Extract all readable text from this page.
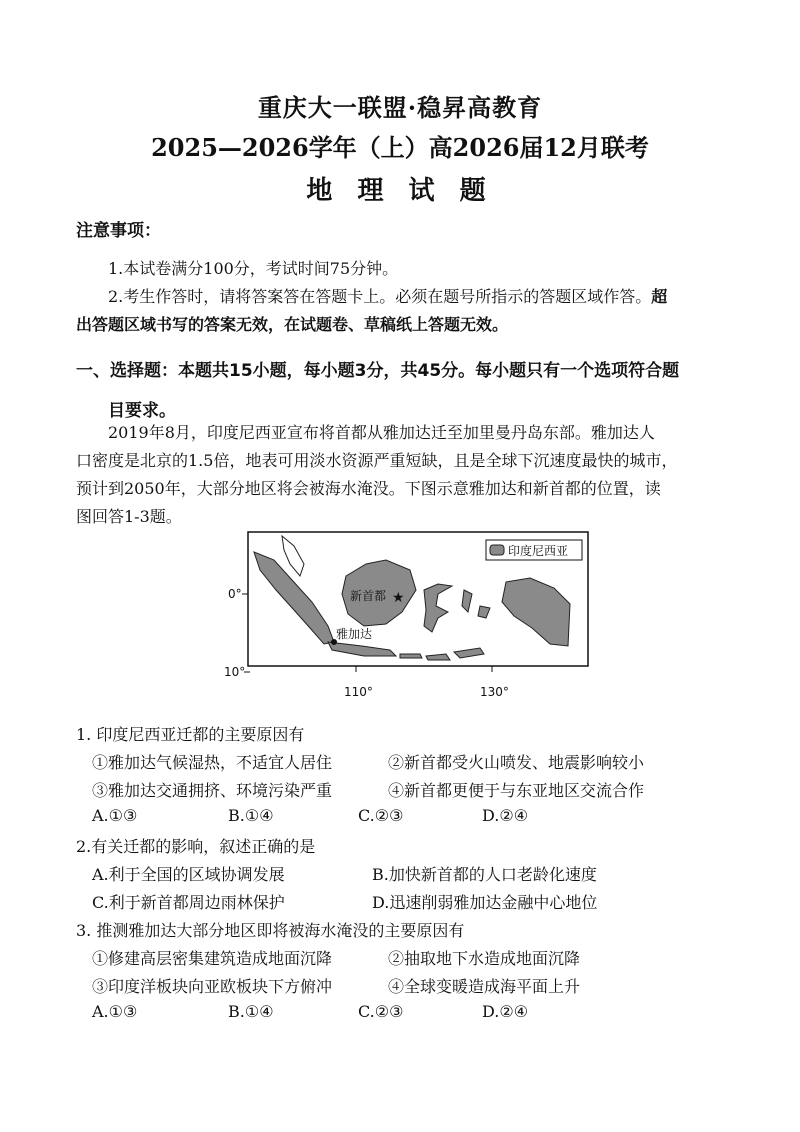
重庆大一联盟·稳昇高教育
2025—2026学年（上）高2026届12月联考
地 理 试 题
注意事项：
1.本试卷满分100分，考试时间75分钟。
2.考生作答时，请将答案答在答题卡上。必须在题号所指示的答题区域作答。超
出答题区域书写的答案无效，在试题卷、草稿纸上答题无效。
一、选择题：本题共15小题，每小题3分，共45分。每小题只有一个选项符合题
目要求。
2019年8月，印度尼西亚宣布将首都从雅加达迁至加里曼丹岛东部。雅加达人
口密度是北京的1.5倍，地表可用淡水资源严重短缺，且是全球下沉速度最快的城市，
预计到2050年，大部分地区将会被海水淹没。下图示意雅加达和新首都的位置，读
图回答1-3题。
印度尼西亚
★
新首都
雅加达
0°
10°
110°	130°
1. 印度尼西亚迁都的主要原因有
①雅加达气候湿热，不适宜人居住	②新首都受火山喷发、地震影响较小
③雅加达交通拥挤、环境污染严重	④新首都更便于与东亚地区交流合作
A.①③	B.①④	C.②③	D.②④
2.有关迁都的影响，叙述正确的是
A.利于全国的区域协调发展	B.加快新首都的人口老龄化速度
C.利于新首都周边雨林保护	D.迅速削弱雅加达金融中心地位
3. 推测雅加达大部分地区即将被海水淹没的主要原因有
①修建高层密集建筑造成地面沉降	②抽取地下水造成地面沉降
③印度洋板块向亚欧板块下方俯冲	④全球变暖造成海平面上升
A.①③	B.①④	C.②③	D.②④
